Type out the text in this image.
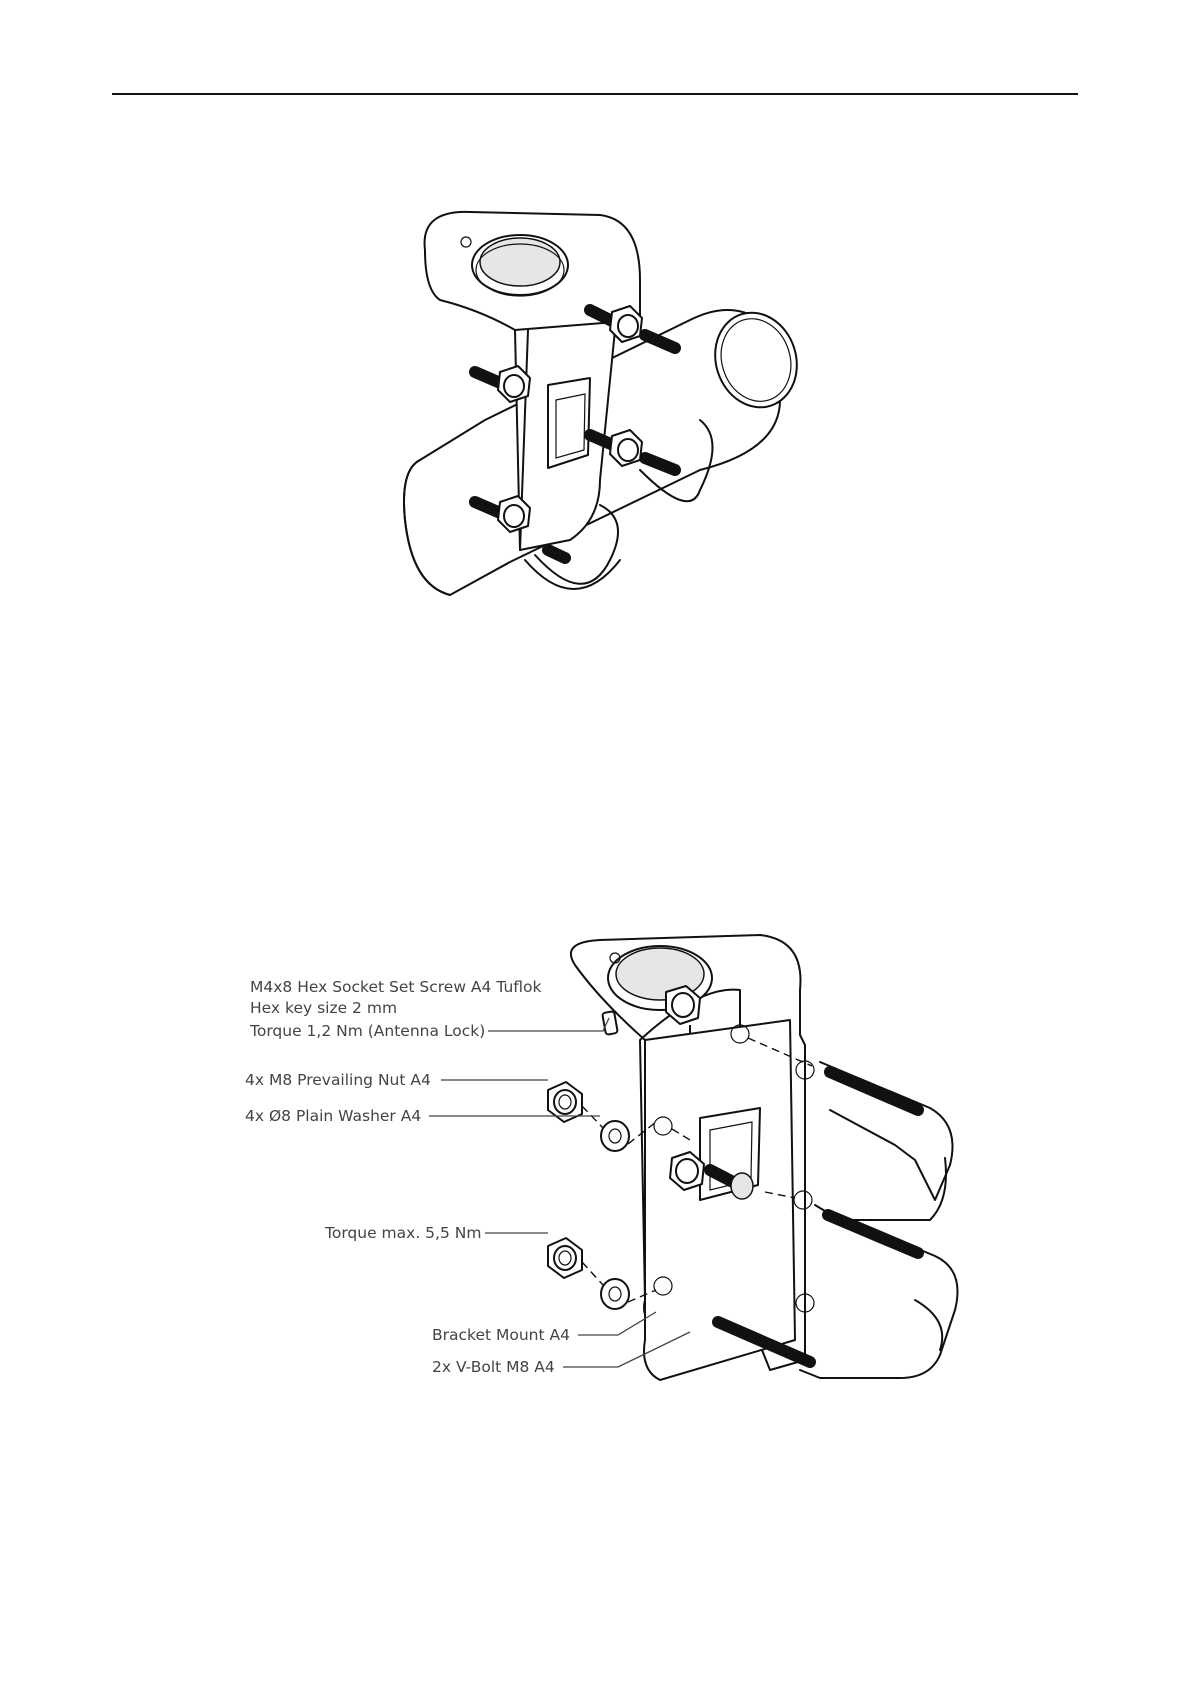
M4x8 Hex Socket Set Screw A4 Tuflok
Hex key size 2 mm
Torque 1,2 Nm (Antenna Lock)
4x M8 Prevailing Nut A4
4x Ø8 Plain Washer A4
Torque max. 5,5 Nm
Bracket Mount A4
2x V-Bolt M8 A4
